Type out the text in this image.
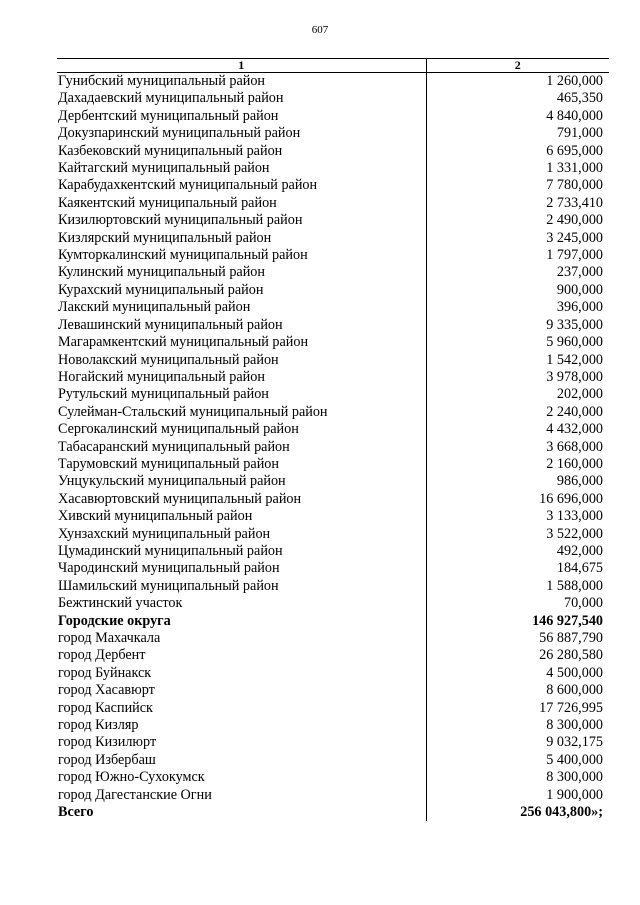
607
1	2
Гунибский муниципальный район	1 260,000
Дахадаевский муниципальный район	465,350
Дербентский муниципальный район	4 840,000
Докузпаринский муниципальный район	791,000
Казбековский муниципальный район	6 695,000
Кайтагский муниципальный район	1 331,000
Карабудахкентский муниципальный район	7 780,000
Каякентский муниципальный район	2 733,410
Кизилюртовский муниципальный район	2 490,000
Кизлярский муниципальный район	3 245,000
Кумторкалинский муниципальный район	1 797,000
Кулинский муниципальный район	237,000
Курахский муниципальный район	900,000
Лакский муниципальный район	396,000
Левашинский муниципальный район	9 335,000
Магарамкентский муниципальный район	5 960,000
Новолакский муниципальный район	1 542,000
Ногайский муниципальный район	3 978,000
Рутульский муниципальный район	202,000
Сулейман-Стальский муниципальный район	2 240,000
Сергокалинский муниципальный район	4 432,000
Табасаранский муниципальный район	3 668,000
Тарумовский муниципальный район	2 160,000
Унцукульский муниципальный район	986,000
Хасавюртовский муниципальный район	16 696,000
Хивский муниципальный район	3 133,000
Хунзахский муниципальный район	3 522,000
Цумадинский муниципальный район	492,000
Чародинский муниципальный район	184,675
Шамильский муниципальный район	1 588,000
Бежтинский участок	70,000
Городские округа	146 927,540
город Махачкала	56 887,790
город Дербент	26 280,580
город Буйнакск	4 500,000
город Хасавюрт	8 600,000
город Каспийск	17 726,995
город Кизляр	8 300,000
город Кизилюрт	9 032,175
город Избербаш	5 400,000
город Южно-Сухокумск	8 300,000
город Дагестанские Огни	1 900,000
Всего	256 043,800»;
